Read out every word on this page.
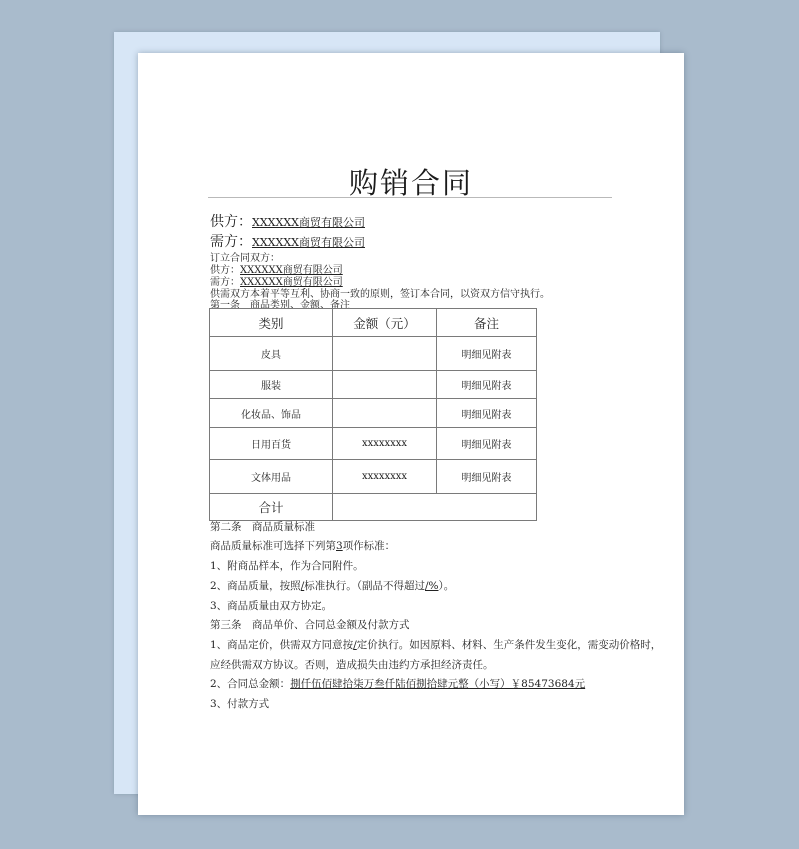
购销合同
供方：XXXXXX商贸有限公司
需方：XXXXXX商贸有限公司
订立合同双方：
供方：XXXXXX商贸有限公司
需方：XXXXXX商贸有限公司
供需双方本着平等互利、协商一致的原则，签订本合同，以资双方信守执行。
第一条　商品类别、金额、备注
类别	金额（元）	备注
皮具		明细见附表
服装		明细见附表
化妆品、饰品		明细见附表
日用百货	xxxxxxxx	明细见附表
文体用品	xxxxxxxx	明细见附表
合计		
第二条　商品质量标准
商品质量标准可选择下列第3项作标准：
1、附商品样本，作为合同附件。
2、商品质量，按照/标准执行。（副品不得超过/%）。
3、商品质量由双方协定。
第三条　商品单价、合同总金额及付款方式
1、商品定价，供需双方同意按/定价执行。如因原料、材料、生产条件发生变化，需变动价格时，
应经供需双方协议。否则，造成损失由违约方承担经济责任。
2、合同总金额：捌仟伍佰肆拾柒万叁仟陆佰捌拾肆元整（小写）￥85473684元
3、付款方式
